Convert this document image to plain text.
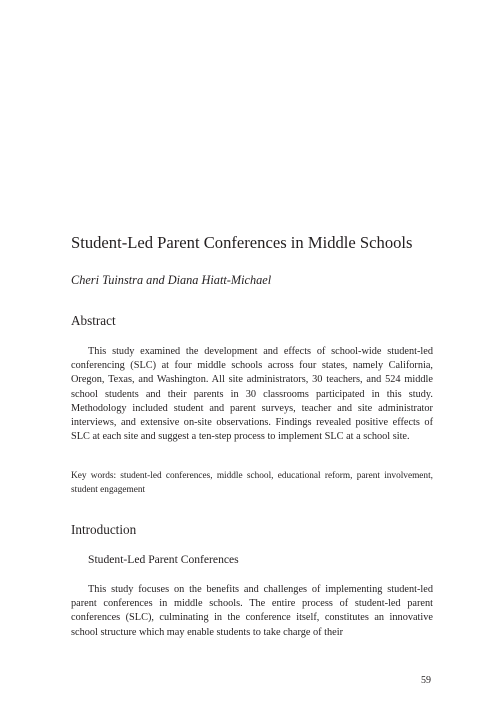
Student-Led Parent Conferences in Middle Schools

Cheri Tuinstra and Diana Hiatt-Michael

Abstract

This study examined the development and effects of school-wide student-led conferencing (SLC) at four middle schools across four states, namely California, Oregon, Texas, and Washington. All site administrators, 30 teachers, and 524 middle school students and their parents in 30 classrooms participated in this study. Methodology included student and parent surveys, teacher and site administrator interviews, and extensive on-site observations. Findings revealed positive effects of SLC at each site and suggest a ten-step process to implement SLC at a school site.

Key words: student-led conferences, middle school, educational reform, parent involvement, student engagement

Introduction
Student-Led Parent Conferences

This study focuses on the benefits and challenges of implementing student-led parent conferences in middle schools. The entire process of student-led parent conferences (SLC), culminating in the conference itself, constitutes an innovative school structure which may enable students to take charge of their

59
